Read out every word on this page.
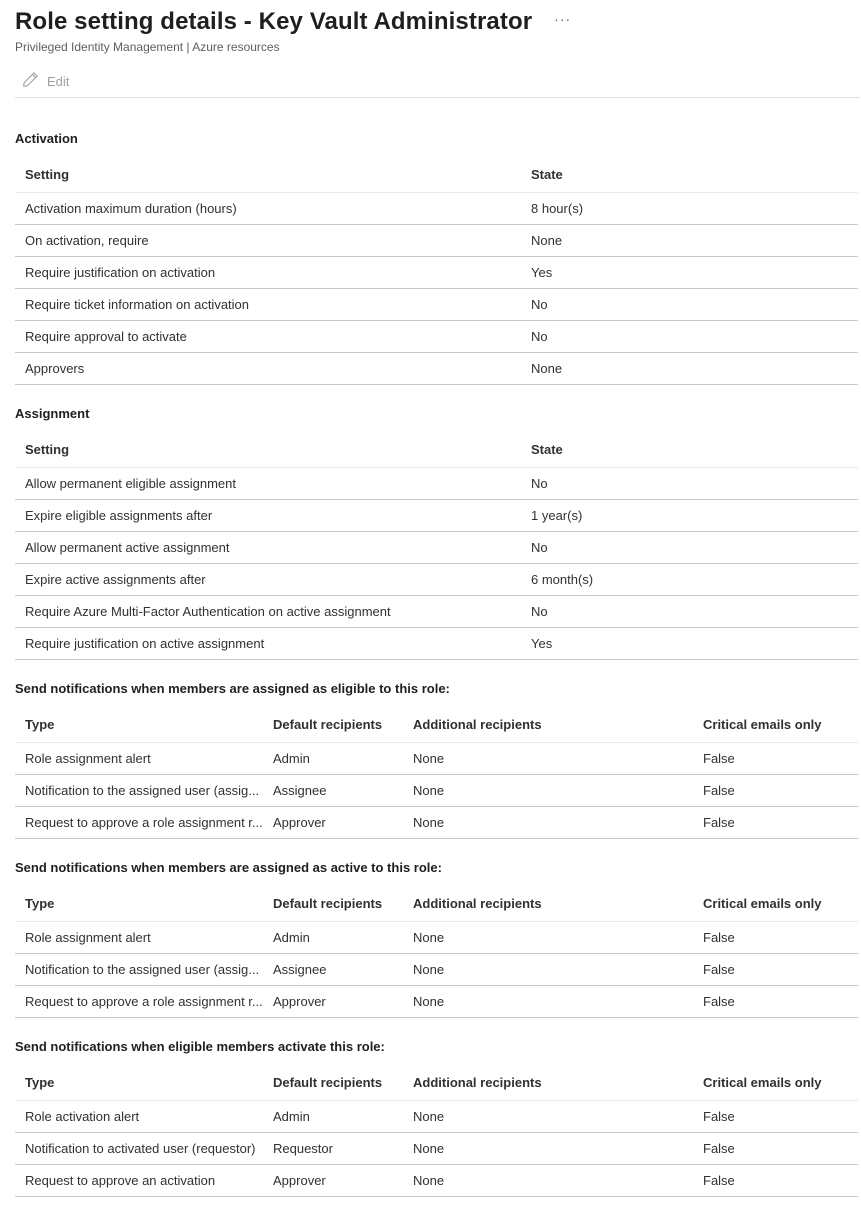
Role setting details - Key Vault Administrator ···
Privileged Identity Management | Azure resources
Edit
Activation
Setting	State
Activation maximum duration (hours)	8 hour(s)
On activation, require	None
Require justification on activation	Yes
Require ticket information on activation	No
Require approval to activate	No
Approvers	None
Assignment
Setting	State
Allow permanent eligible assignment	No
Expire eligible assignments after	1 year(s)
Allow permanent active assignment	No
Expire active assignments after	6 month(s)
Require Azure Multi-Factor Authentication on active assignment	No
Require justification on active assignment	Yes
Send notifications when members are assigned as eligible to this role:
Type	Default recipients	Additional recipients	Critical emails only
Role assignment alert	Admin	None	False
Notification to the assigned user (assig...	Assignee	None	False
Request to approve a role assignment r...	Approver	None	False
Send notifications when members are assigned as active to this role:
Type	Default recipients	Additional recipients	Critical emails only
Role assignment alert	Admin	None	False
Notification to the assigned user (assig...	Assignee	None	False
Request to approve a role assignment r...	Approver	None	False
Send notifications when eligible members activate this role:
Type	Default recipients	Additional recipients	Critical emails only
Role activation alert	Admin	None	False
Notification to activated user (requestor)	Requestor	None	False
Request to approve an activation	Approver	None	False
